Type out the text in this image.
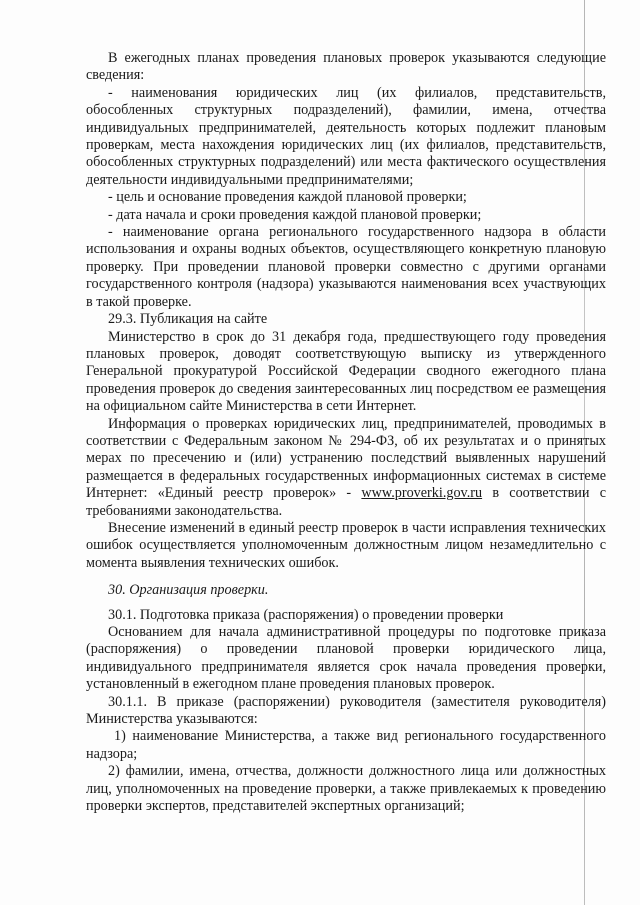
В ежегодных планах проведения плановых проверок указываются следующие сведения:

- наименования юридических лиц (их филиалов, представительств, обособленных структурных подразделений), фамилии, имена, отчества индивидуальных предпринимателей, деятельность которых подлежит плановым проверкам, места нахождения юридических лиц (их филиалов, представительств, обособленных структурных подразделений) или места фактического осуществления деятельности индивидуальными предпринимателями;

- цель и основание проведения каждой плановой проверки;

- дата начала и сроки проведения каждой плановой проверки;

- наименование органа регионального государственного надзора в области использования и охраны водных объектов, осуществляющего конкретную плановую проверку. При проведении плановой проверки совместно с другими органами государственного контроля (надзора) указываются наименования всех участвующих в такой проверке.

29.3. Публикация на сайте

Министерство в срок до 31 декабря года, предшествующего году проведения плановых проверок, доводят соответствующую выписку из утвержденного Генеральной прокуратурой Российской Федерации сводного ежегодного плана проведения проверок до сведения заинтересованных лиц посредством ее размещения на официальном сайте Министерства в сети Интернет.

Информация о проверках юридических лиц, предпринимателей, проводимых в соответствии с Федеральным законом № 294-ФЗ, об их результатах и о принятых мерах по пресечению и (или) устранению последствий выявленных нарушений размещается в федеральных государственных информационных системах в системе Интернет: «Единый реестр проверок» - www.proverki.gov.ru в соответствии с требованиями законодательства.

Внесение изменений в единый реестр проверок в части исправления технических ошибок осуществляется уполномоченным должностным лицом незамедлительно с момента выявления технических ошибок.

30. Организация проверки.

30.1. Подготовка приказа (распоряжения) о проведении проверки

Основанием для начала административной процедуры по подготовке приказа (распоряжения) о проведении плановой проверки юридического лица, индивидуального предпринимателя является срок начала проведения проверки, установленный в ежегодном плане проведения плановых проверок.

30.1.1. В приказе (распоряжении) руководителя (заместителя руководителя) Министерства указываются:

1) наименование Министерства, а также вид регионального государственного надзора;

2) фамилии, имена, отчества, должности должностного лица или должностных лиц, уполномоченных на проведение проверки, а также привлекаемых к проведению проверки экспертов, представителей экспертных организаций;
